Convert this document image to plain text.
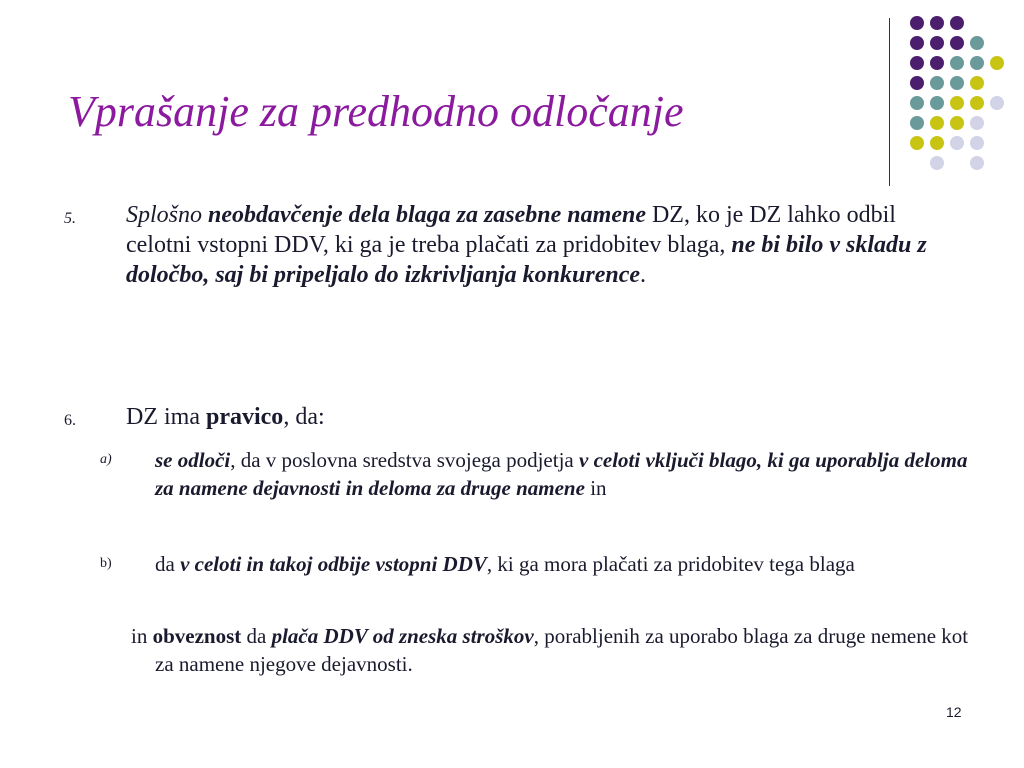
Vprašanje za predhodno odločanje
5. Splošno neobdavčenje dela blaga za zasebne namene DZ, ko je DZ lahko odbil celotni vstopni DDV, ki ga je treba plačati za pridobitev blaga, ne bi bilo v skladu z določbo, saj bi pripeljalo do izkrivljanja konkurence.
6. DZ ima pravico, da:
a) se odloči, da v poslovna sredstva svojega podjetja v celoti vključi blago, ki ga uporablja deloma za namene dejavnosti in deloma za druge namene in
b) da v celoti in takoj odbije vstopni DDV, ki ga mora plačati za pridobitev tega blaga
in obveznost da plača DDV od zneska stroškov, porabljenih za uporabo blaga za druge nemene kot za namene njegove dejavnosti.
12
